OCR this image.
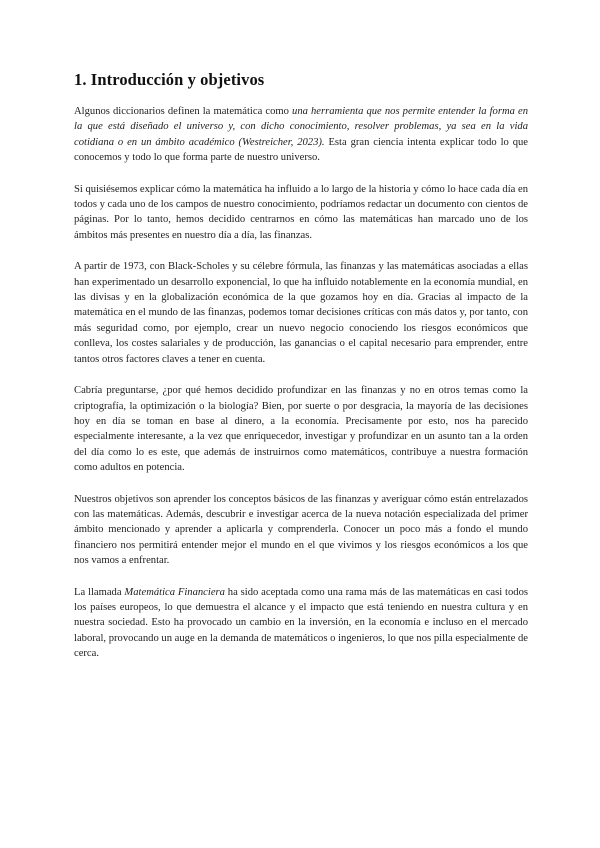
1. Introducción y objetivos

Algunos diccionarios definen la matemática como una herramienta que nos permite entender la forma en la que está diseñado el universo y, con dicho conocimiento, resolver problemas, ya sea en la vida cotidiana o en un ámbito académico (Westreicher, 2023). Esta gran ciencia intenta explicar todo lo que conocemos y todo lo que forma parte de nuestro universo.

Si quisiésemos explicar cómo la matemática ha influido a lo largo de la historia y cómo lo hace cada día en todos y cada uno de los campos de nuestro conocimiento, podríamos redactar un documento con cientos de páginas. Por lo tanto, hemos decidido centrarnos en cómo las matemáticas han marcado uno de los ámbitos más presentes en nuestro día a día, las finanzas.

A partir de 1973, con Black-Scholes y su célebre fórmula, las finanzas y las matemáticas asociadas a ellas han experimentado un desarrollo exponencial, lo que ha influido notablemente en la economía mundial, en las divisas y en la globalización económica de la que gozamos hoy en día. Gracias al impacto de la matemática en el mundo de las finanzas, podemos tomar decisiones críticas con más datos y, por tanto, con más seguridad como, por ejemplo, crear un nuevo negocio conociendo los riesgos económicos que conlleva, los costes salariales y de producción, las ganancias o el capital necesario para emprender, entre tantos otros factores claves a tener en cuenta.

Cabría preguntarse, ¿por qué hemos decidido profundizar en las finanzas y no en otros temas como la criptografía, la optimización o la biología? Bien, por suerte o por desgracia, la mayoría de las decisiones hoy en día se toman en base al dinero, a la economía. Precisamente por esto, nos ha parecido especialmente interesante, a la vez que enriquecedor, investigar y profundizar en un asunto tan a la orden del día como lo es este, que además de instruirnos como matemáticos, contribuye a nuestra formación como adultos en potencia.

Nuestros objetivos son aprender los conceptos básicos de las finanzas y averiguar cómo están entrelazados con las matemáticas. Además, descubrir e investigar acerca de la nueva notación especializada del primer ámbito mencionado y aprender a aplicarla y comprenderla. Conocer un poco más a fondo el mundo financiero nos permitirá entender mejor el mundo en el que vivimos y los riesgos económicos a los que nos vamos a enfrentar.

La llamada Matemática Financiera ha sido aceptada como una rama más de las matemáticas en casi todos los países europeos, lo que demuestra el alcance y el impacto que está teniendo en nuestra cultura y en nuestra sociedad. Esto ha provocado un cambio en la inversión, en la economía e incluso en el mercado laboral, provocando un auge en la demanda de matemáticos o ingenieros, lo que nos pilla especialmente de cerca.
